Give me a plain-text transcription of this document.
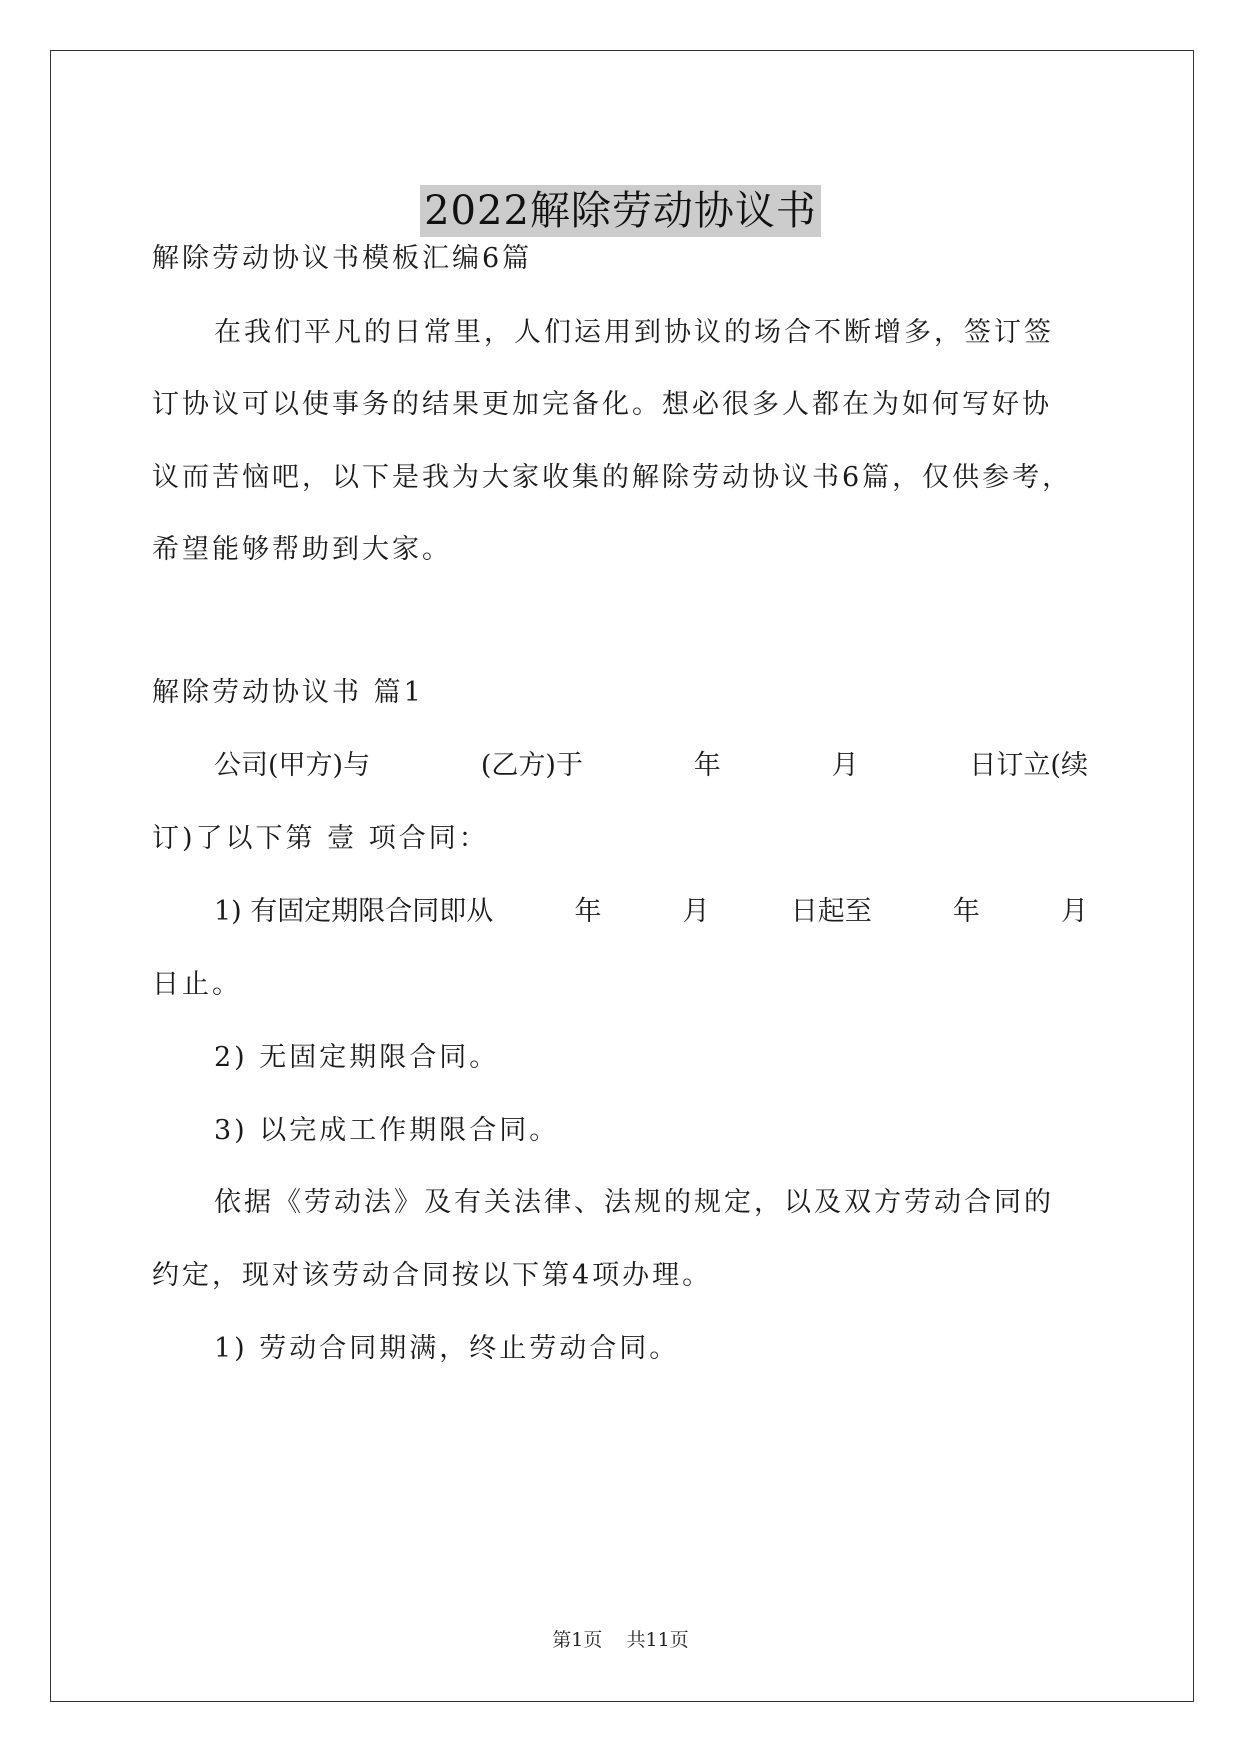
2022解除劳动协议书
解除劳动协议书模板汇编6篇
在我们平凡的日常里，人们运用到协议的场合不断增多，签订签
订协议可以使事务的结果更加完备化。想必很多人都在为如何写好协
议而苦恼吧，以下是我为大家收集的解除劳动协议书6篇，仅供参考，
希望能够帮助到大家。
解除劳动协议书 篇1
公司(甲方)与	(乙方)于	年	月	日订立(续
订)了以下第 壹 项合同：
1) 有固定期限合同即从	年	月	日起至	年	月
日止。
2) 无固定期限合同。
3) 以完成工作期限合同。
依据《劳动法》及有关法律、法规的规定，以及双方劳动合同的
约定，现对该劳动合同按以下第4项办理。
1) 劳动合同期满，终止劳动合同。
第1页 共11页
